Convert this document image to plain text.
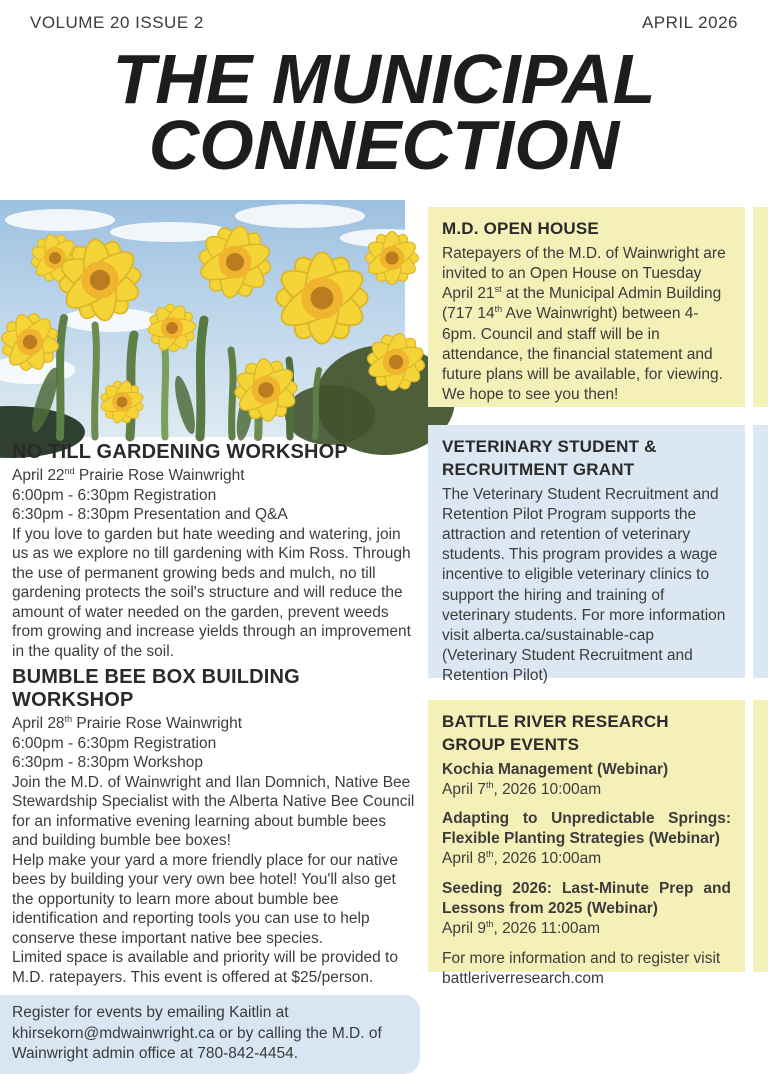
VOLUME 20 ISSUE 2	APRIL 2026
THE MUNICIPAL
CONNECTION
NO TILL GARDENING WORKSHOP

April 22nd Prairie Rose Wainwright

6:00pm - 6:30pm Registration

6:30pm - 8:30pm Presentation and Q&A

If you love to garden but hate weeding and watering, join us as we explore no till gardening with Kim Ross. Through the use of permanent growing beds and mulch, no till gardening protects the soil's structure and will reduce the amount of water needed on the garden, prevent weeds from growing and increase yields through an improvement in the quality of the soil.

BUMBLE BEE BOX BUILDING WORKSHOP

April 28th Prairie Rose Wainwright

6:00pm - 6:30pm Registration

6:30pm - 8:30pm Workshop

Join the M.D. of Wainwright and Ilan Domnich, Native Bee Stewardship Specialist with the Alberta Native Bee Council for an informative evening learning about bumble bees and building bumble bee boxes!

Help make your yard a more friendly place for our native bees by building your very own bee hotel! You'll also get the opportunity to learn more about bumble bee identification and reporting tools you can use to help conserve these important native bee species.

Limited space is available and priority will be provided to M.D. ratepayers. This event is offered at $25/person.

Register for events by emailing Kaitlin at khirsekorn@mdwainwright.ca or by calling the M.D. of Wainwright admin office at 780-842-4454.
M.D. OPEN HOUSE

Ratepayers of the M.D. of Wainwright are invited to an Open House on Tuesday April 21st at the Municipal Admin Building (717 14th Ave Wainwright) between 4-6pm. Council and staff will be in attendance, the financial statement and future plans will be available, for viewing.
We hope to see you then!

VETERINARY STUDENT &
RECRUITMENT GRANT

The Veterinary Student Recruitment and Retention Pilot Program supports the attraction and retention of veterinary students. This program provides a wage incentive to eligible veterinary clinics to support the hiring and training of veterinary students. For more information visit alberta.ca/sustainable-cap (Veterinary Student Recruitment and Retention Pilot)

BATTLE RIVER RESEARCH GROUP EVENTS
Kochia Management (Webinar)
April 7th, 2026 10:00am
Adapting to Unpredictable Springs: Flexible Planting Strategies (Webinar)
April 8th, 2026 10:00am
Seeding 2026: Last-Minute Prep and Lessons from 2025 (Webinar)
April 9th, 2026 11:00am
For more information and to register visit battleriverresearch.com
